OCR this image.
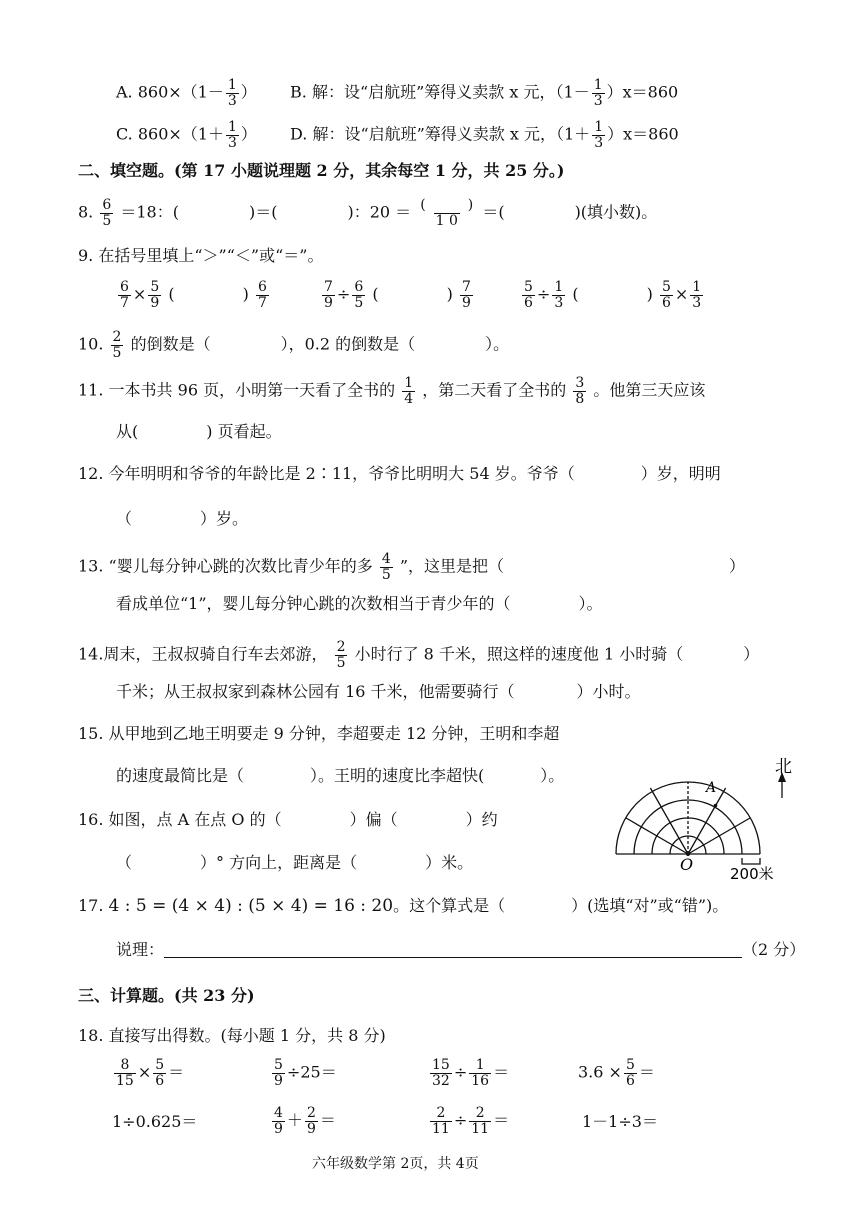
A. $860\times(1- \frac{1}{3}$ ） B. 解：设“启航班”筹得义卖款 x 元，$(1- \frac{1}{3} )x=860$
C. $860\times(1+ \frac{1}{3}$ ） D. 解：设“启航班”筹得义卖款 x 元，$(1+ \frac{1}{3} )x=860$
二、填空题。(第 17 小题说理题 2 分，其余每空 1 分，共 25 分。)
8. $\frac{6}{5} =18$：(	)＝(	)：$20 = \frac{( )}{1 0}$ ＝(	)(填小数)。
9. 在括号里填上“＞”“＜”或“＝”。
$\frac{6}{7} \times \frac{5}{9}$ (	) $\frac{6}{7}$	$\frac{7}{9} \div \frac{6}{5}$ (	) $\frac{7}{9}$	$\frac{5}{6} \div \frac{1}{3}$ (	) $\frac{5}{6} \times \frac{1}{3}$
10. $\frac{2}{5}$ 的倒数是（	），0.2 的倒数是（	）。
11. 一本书共 96 页，小明第一天看了全书的 $\frac{1}{4}$ ，第二天看了全书的 $\frac{3}{8}$ 。他第三天应该
从(	) 页看起。
12. 今年明明和爷爷的年龄比是 2∶11，爷爷比明明大 54 岁。爷爷（	）岁，明明
（	）岁。
13. “婴儿每分钟心跳的次数比青少年的多 $\frac{4}{5}$ ”，这里是把（	）
看成单位“1”，婴儿每分钟心跳的次数相当于青少年的（	）。
14.周末，王叔叔骑自行车去郊游， $\frac{2}{5}$ 小时行了 8 千米，照这样的速度他 1 小时骑（	）
千米；从王叔叔家到森林公园有 16 千米，他需要骑行（	）小时。
15. 从甲地到乙地王明要走 9 分钟，李超要走 12 分钟，王明和李超
的速度最简比是（	）。王明的速度比李超快(	）。
16. 如图，点 A 在点 O 的（	）偏（	）约
（	）° 方向上，距离是（	）米。
北
A
O 200米
17. 4 : 5 = (4 × 4) : (5 × 4) = 16 : 20。这个算式是（	）(选填“对”或“错”)。
说理：	（2 分）
三、计算题。(共 23 分)
18. 直接写出得数。(每小题 1 分，共 8 分)
$\frac{8}{15} \times \frac{5}{6}$ ＝	$\frac{5}{9} \div 25=$	$\frac{15}{32} \div \frac{1}{16}$ ＝	$3.6 \times \frac{5}{6}$ ＝
1÷0.625＝	$\frac{4}{9} + \frac{2}{9}$ ＝	$\frac{2}{11} \div \frac{2}{11}$ ＝	1－1÷3＝
六年级数学第 2页，共 4页
